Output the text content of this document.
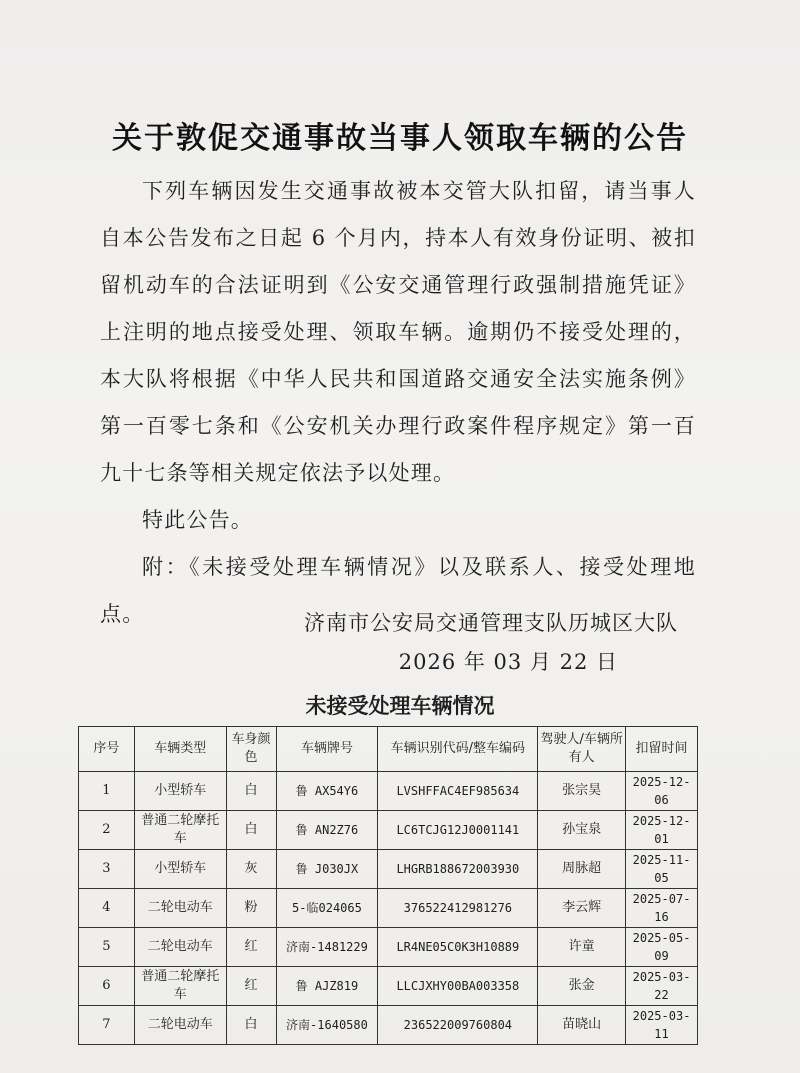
关于敦促交通事故当事人领取车辆的公告

下列车辆因发生交通事故被本交管大队扣留，请当事人自本公告发布之日起 6 个月内，持本人有效身份证明、被扣留机动车的合法证明到《公安交通管理行政强制措施凭证》上注明的地点接受处理、领取车辆。逾期仍不接受处理的，本大队将根据《中华人民共和国道路交通安全法实施条例》第一百零七条和《公安机关办理行政案件程序规定》第一百九十七条等相关规定依法予以处理。

特此公告。

附：《未接受处理车辆情况》以及联系人、接受处理地点。	济南市公安局交通管理支队历城区大队
2026 年 03 月 22 日
未接受处理车辆情况
序号	车辆类型	车身颜色	车辆牌号	车辆识别代码/整车编码	驾驶人/车辆所有人	扣留时间
1	小型轿车	白	鲁 AX54Y6	LVSHFFAC4EF985634	张宗昊	2025-12-06
2	普通二轮摩托车	白	鲁 AN2Z76	LC6TCJG12J0001141	孙宝泉	2025-12-01
3	小型轿车	灰	鲁 J030JX	LHGRB188672003930	周脉超	2025-11-05
4	二轮电动车	粉	5-临024065	376522412981276	李云辉	2025-07-16
5	二轮电动车	红	济南-1481229	LR4NE05C0K3H10889	许童	2025-05-09
6	普通二轮摩托车	红	鲁 AJZ819	LLCJXHY00BA003358	张金	2025-03-22
7	二轮电动车	白	济南-1640580	236522009760804	苗晓山	2025-03-11
